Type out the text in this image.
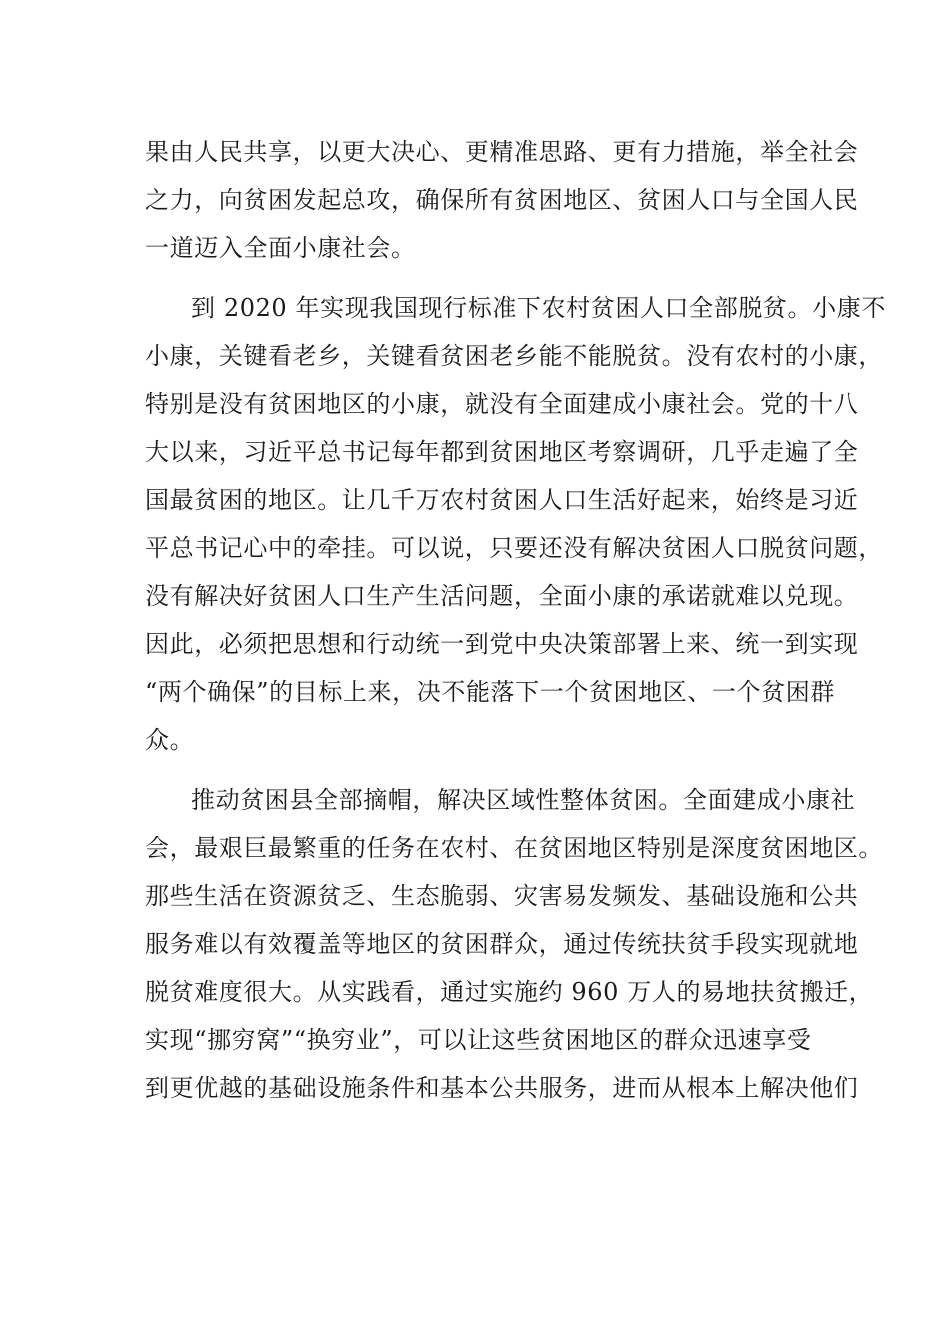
果由人民共享，以更大决心、更精准思路、更有力措施，举全社会
之力，向贫困发起总攻，确保所有贫困地区、贫困人口与全国人民
一道迈入全面小康社会。
到 2020 年实现我国现行标准下农村贫困人口全部脱贫。小康不
小康，关键看老乡，关键看贫困老乡能不能脱贫。没有农村的小康，
特别是没有贫困地区的小康，就没有全面建成小康社会。党的十八
大以来，习近平总书记每年都到贫困地区考察调研，几乎走遍了全
国最贫困的地区。让几千万农村贫困人口生活好起来，始终是习近
平总书记心中的牵挂。可以说，只要还没有解决贫困人口脱贫问题，
没有解决好贫困人口生产生活问题，全面小康的承诺就难以兑现。
因此，必须把思想和行动统一到党中央决策部署上来、统一到实现
“两个确保”的目标上来，决不能落下一个贫困地区、一个贫困群
众。
推动贫困县全部摘帽，解决区域性整体贫困。全面建成小康社
会，最艰巨最繁重的任务在农村、在贫困地区特别是深度贫困地区。
那些生活在资源贫乏、生态脆弱、灾害易发频发、基础设施和公共
服务难以有效覆盖等地区的贫困群众，通过传统扶贫手段实现就地
脱贫难度很大。从实践看，通过实施约 960 万人的易地扶贫搬迁，
实现“挪穷窝”“换穷业”，可以让这些贫困地区的群众迅速享受
到更优越的基础设施条件和基本公共服务，进而从根本上解决他们
